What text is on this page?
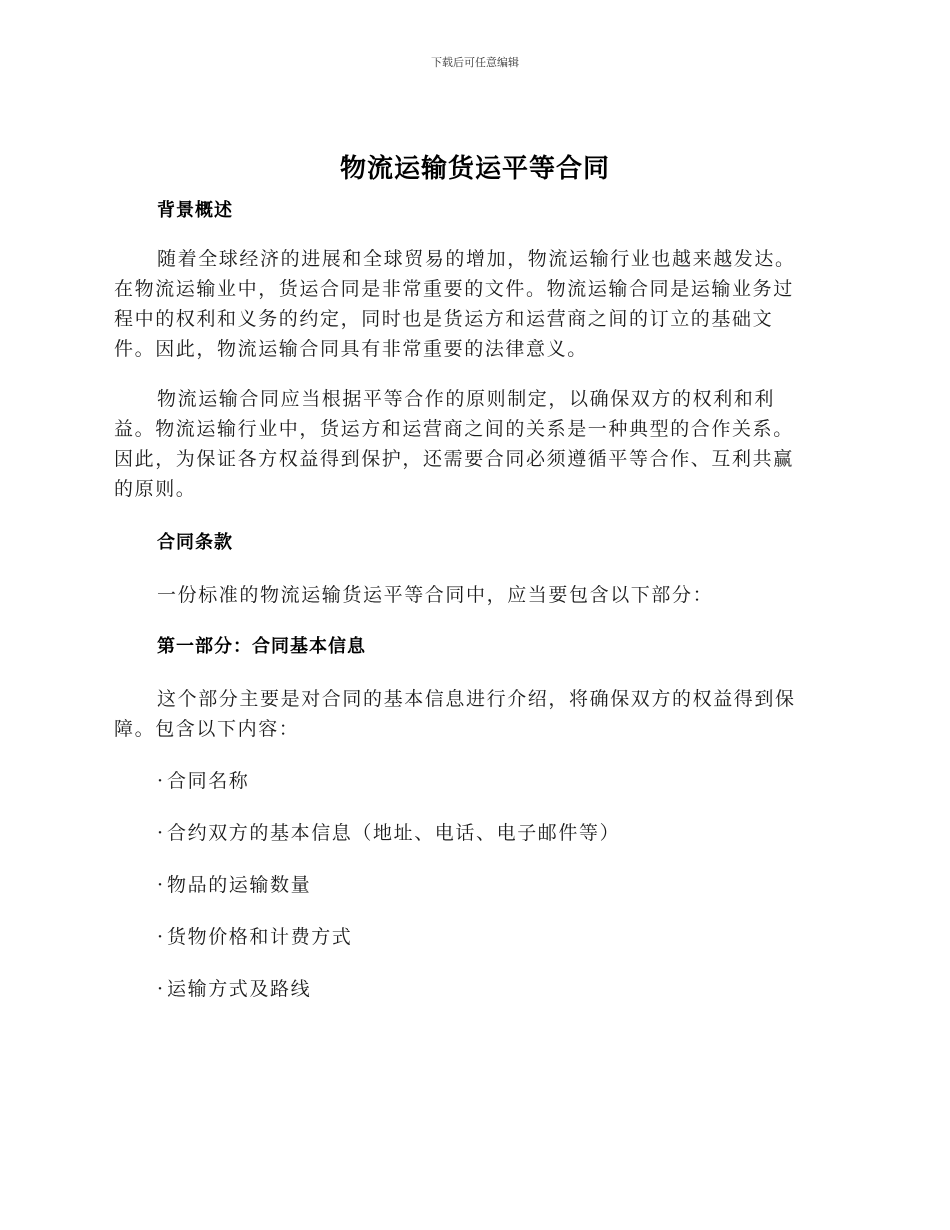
下载后可任意编辑
物流运输货运平等合同

背景概述

随着全球经济的进展和全球贸易的增加，物流运输行业也越来越发达。
在物流运输业中，货运合同是非常重要的文件。物流运输合同是运输业务过
程中的权利和义务的约定，同时也是货运方和运营商之间的订立的基础文
件。因此，物流运输合同具有非常重要的法律意义。

物流运输合同应当根据平等合作的原则制定，以确保双方的权利和利
益。物流运输行业中，货运方和运营商之间的关系是一种典型的合作关系。
因此，为保证各方权益得到保护，还需要合同必须遵循平等合作、互利共赢
的原则。

合同条款

一份标准的物流运输货运平等合同中，应当要包含以下部分：

第一部分：合同基本信息

这个部分主要是对合同的基本信息进行介绍，将确保双方的权益得到保
障。包含以下内容：

· 合同名称

· 合约双方的基本信息（地址、电话、电子邮件等）

· 物品的运输数量

· 货物价格和计费方式

· 运输方式及路线
